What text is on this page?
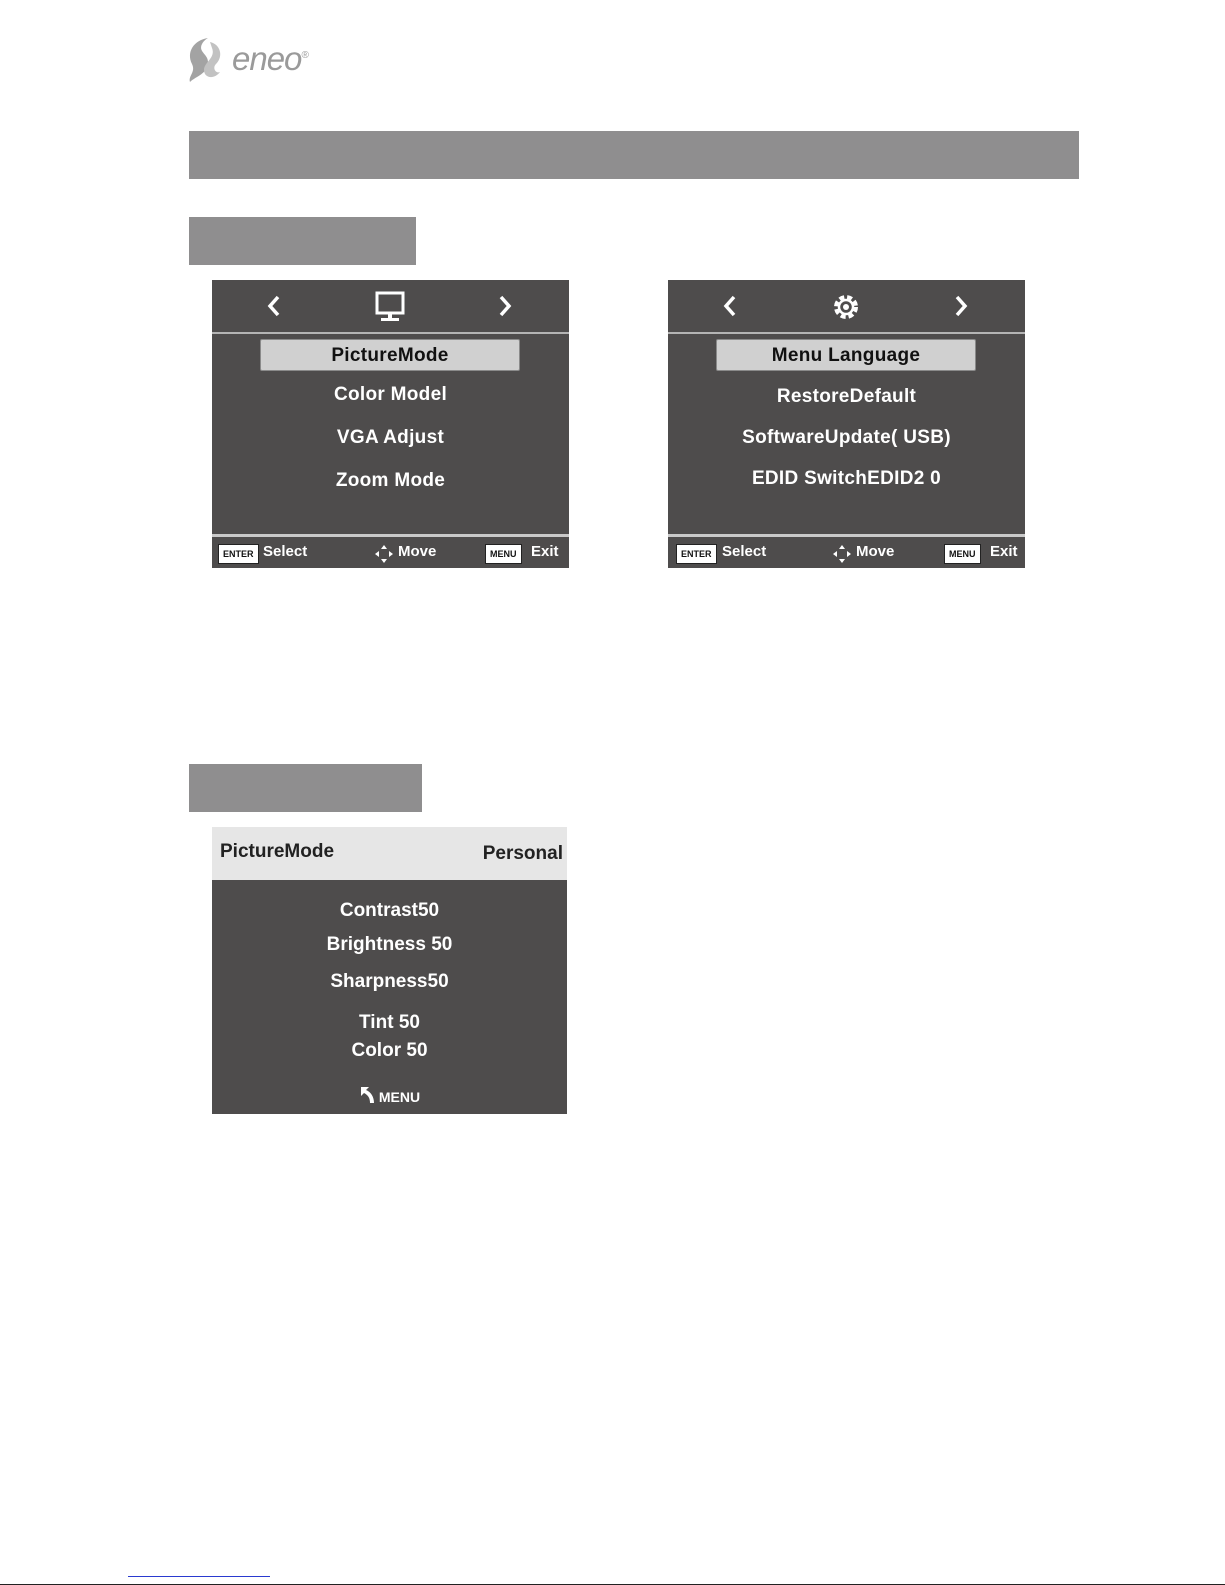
eneo®
PictureMode
Color Model
VGA Adjust
Zoom Mode
ENTER Select	Move	MENU Exit
Menu Language
RestoreDefault
SoftwareUpdate( USB)
EDID SwitchEDID2 0
ENTER Select	Move	MENU Exit
PictureMode	Personal
Contrast50
Brightness 50
Sharpness50
Tint 50
Color 50
MENU
